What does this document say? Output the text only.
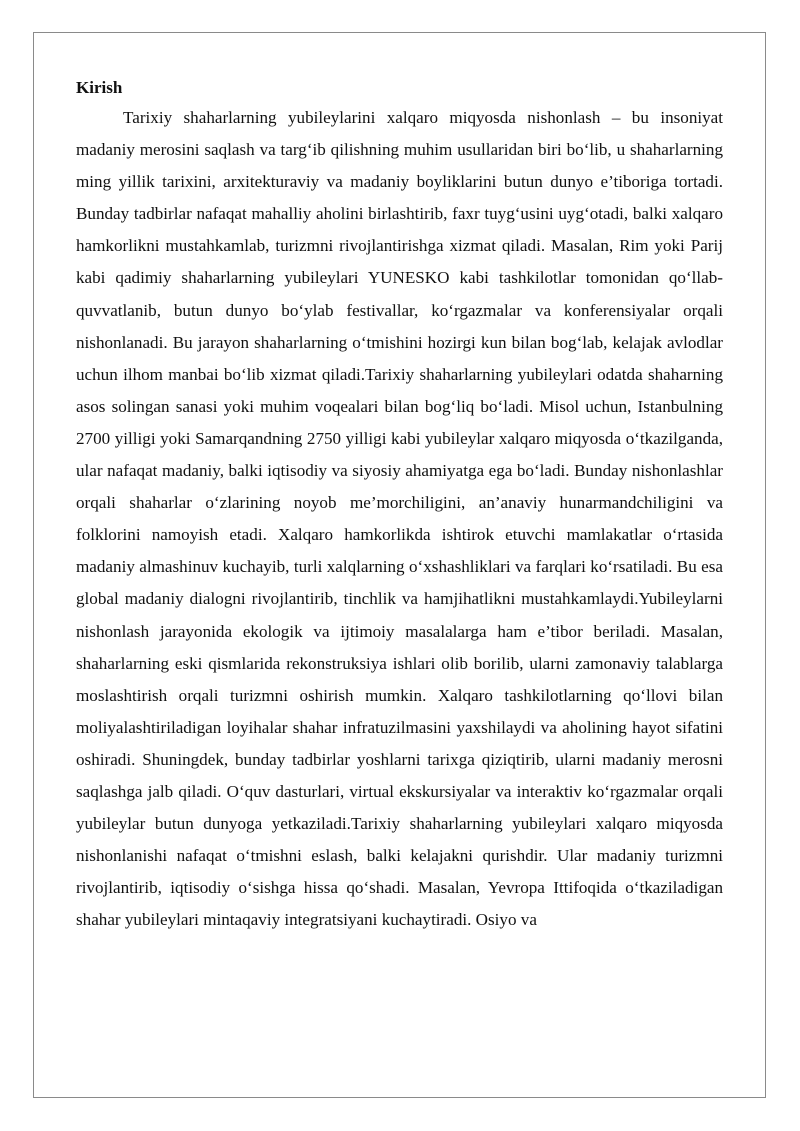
Kirish

Tarixiy shaharlarning yubileylarini xalqaro miqyosda nishonlash – bu insoniyat madaniy merosini saqlash va targ‘ib qilishning muhim usullaridan biri bo‘lib, u shaharlarning ming yillik tarixini, arxitekturaviy va madaniy boyliklarini butun dunyo e’tiboriga tortadi. Bunday tadbirlar nafaqat mahalliy aholini birlashtirib, faxr tuyg‘usini uyg‘otadi, balki xalqaro hamkorlikni mustahkamlab, turizmni rivojlantirishga xizmat qiladi. Masalan, Rim yoki Parij kabi qadimiy shaharlarning yubileylari YUNESKO kabi tashkilotlar tomonidan qo‘llab-quvvatlanib, butun dunyo bo‘ylab festivallar, ko‘rgazmalar va konferensiyalar orqali nishonlanadi. Bu jarayon shaharlarning o‘tmishini hozirgi kun bilan bog‘lab, kelajak avlodlar uchun ilhom manbai bo‘lib xizmat qiladi.Tarixiy shaharlarning yubileylari odatda shaharning asos solingan sanasi yoki muhim voqealari bilan bog‘liq bo‘ladi. Misol uchun, Istanbulning 2700 yilligi yoki Samarqandning 2750 yilligi kabi yubileylar xalqaro miqyosda o‘tkazilganda, ular nafaqat madaniy, balki iqtisodiy va siyosiy ahamiyatga ega bo‘ladi. Bunday nishonlashlar orqali shaharlar o‘zlarining noyob me’morchiligini, an’anaviy hunarmandchiligini va folklorini namoyish etadi. Xalqaro hamkorlikda ishtirok etuvchi mamlakatlar o‘rtasida madaniy almashinuv kuchayib, turli xalqlarning o‘xshashliklari va farqlari ko‘rsatiladi. Bu esa global madaniy dialogni rivojlantirib, tinchlik va hamjihatlikni mustahkamlaydi.Yubileylarni nishonlash jarayonida ekologik va ijtimoiy masalalarga ham e’tibor beriladi. Masalan, shaharlarning eski qismlarida rekonstruksiya ishlari olib borilib, ularni zamonaviy talablarga moslashtirish orqali turizmni oshirish mumkin. Xalqaro tashkilotlarning qo‘llovi bilan moliyalashtiriladigan loyihalar shahar infratuzilmasini yaxshilaydi va aholining hayot sifatini oshiradi. Shuningdek, bunday tadbirlar yoshlarni tarixga qiziqtirib, ularni madaniy merosni saqlashga jalb qiladi. O‘quv dasturlari, virtual ekskursiyalar va interaktiv ko‘rgazmalar orqali yubileylar butun dunyoga yetkaziladi.Tarixiy shaharlarning yubileylari xalqaro miqyosda nishonlanishi nafaqat o‘tmishni eslash, balki kelajakni qurishdir. Ular madaniy turizmni rivojlantirib, iqtisodiy o‘sishga hissa qo‘shadi. Masalan, Yevropa Ittifoqida o‘tkaziladigan shahar yubileylari mintaqaviy integratsiyani kuchaytiradi. Osiyo va
